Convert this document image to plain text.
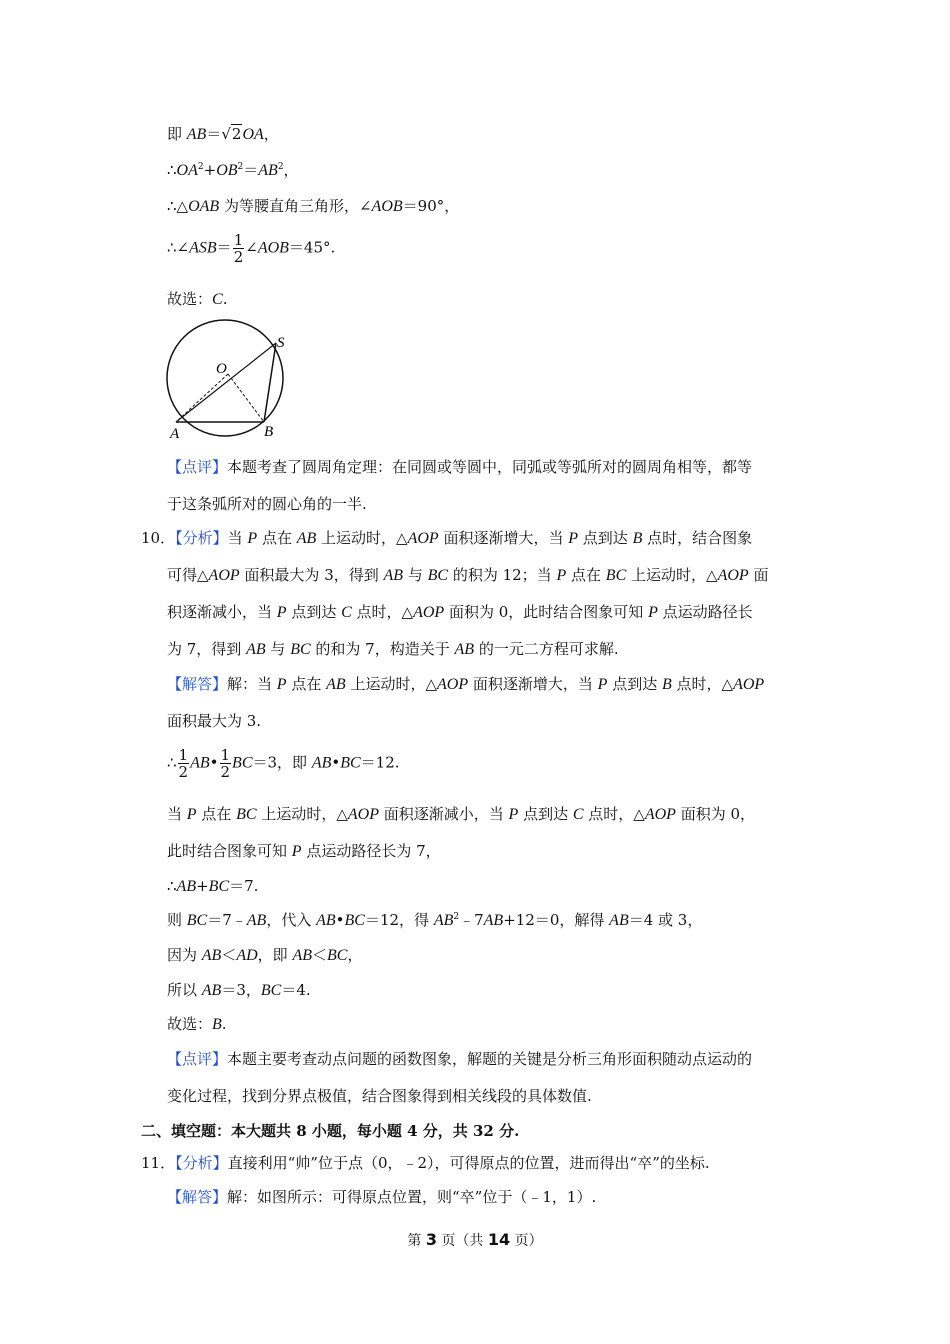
即 AB＝√2OA，
$\therefore OA^2+OB^2=AB^2$，
∴△OAB 为等腰直角三角形，∠AOB＝90°，
∴∠ASB＝ $\frac{1}{2}$ ∠AOB＝45°.
故选：C.
O
S
A	B
【点评】本题考查了圆周角定理：在同圆或等圆中，同弧或等弧所对的圆周角相等，都等
于这条弧所对的圆心角的一半.
10．【分析】当 P 点在 AB 上运动时，△AOP 面积逐渐增大，当 P 点到达 B 点时，结合图象
可得△AOP 面积最大为 3，得到 AB 与 BC 的积为 12；当 P 点在 BC 上运动时，△AOP 面
积逐渐减小，当 P 点到达 C 点时，△AOP 面积为 0，此时结合图象可知 P 点运动路径长
为 7，得到 AB 与 BC 的和为 7，构造关于 AB 的一元二方程可求解.
【解答】解：当 P 点在 AB 上运动时，△AOP 面积逐渐增大，当 P 点到达 B 点时，△AOP
面积最大为 3.
∴ $\frac{1}{2}$ AB• $\frac{1}{2} BC=3$，即 AB•BC＝12.
当 P 点在 BC 上运动时，△AOP 面积逐渐减小，当 P 点到达 C 点时，△AOP 面积为 0，
此时结合图象可知 P 点运动路径长为 7，
∴AB+BC＝7.
则 BC＝7﹣AB，代入 AB•BC＝12，得 $AB^2﹣7AB+12=0$，解得 AB＝4 或 3，
因为 AB＜AD，即 AB＜BC，
所以 AB＝3，BC＝4.
故选：B.
【点评】本题主要考查动点问题的函数图象，解题的关键是分析三角形面积随动点运动的
变化过程，找到分界点极值，结合图象得到相关线段的具体数值.
二、填空题：本大题共 8 小题，每小题 4 分，共 32 分.
11．【分析】直接利用“帅”位于点（0，﹣2），可得原点的位置，进而得出“卒”的坐标.
【解答】解：如图所示：可得原点位置，则“卒”位于（﹣1，1）.
第 3 页（共 14 页）
